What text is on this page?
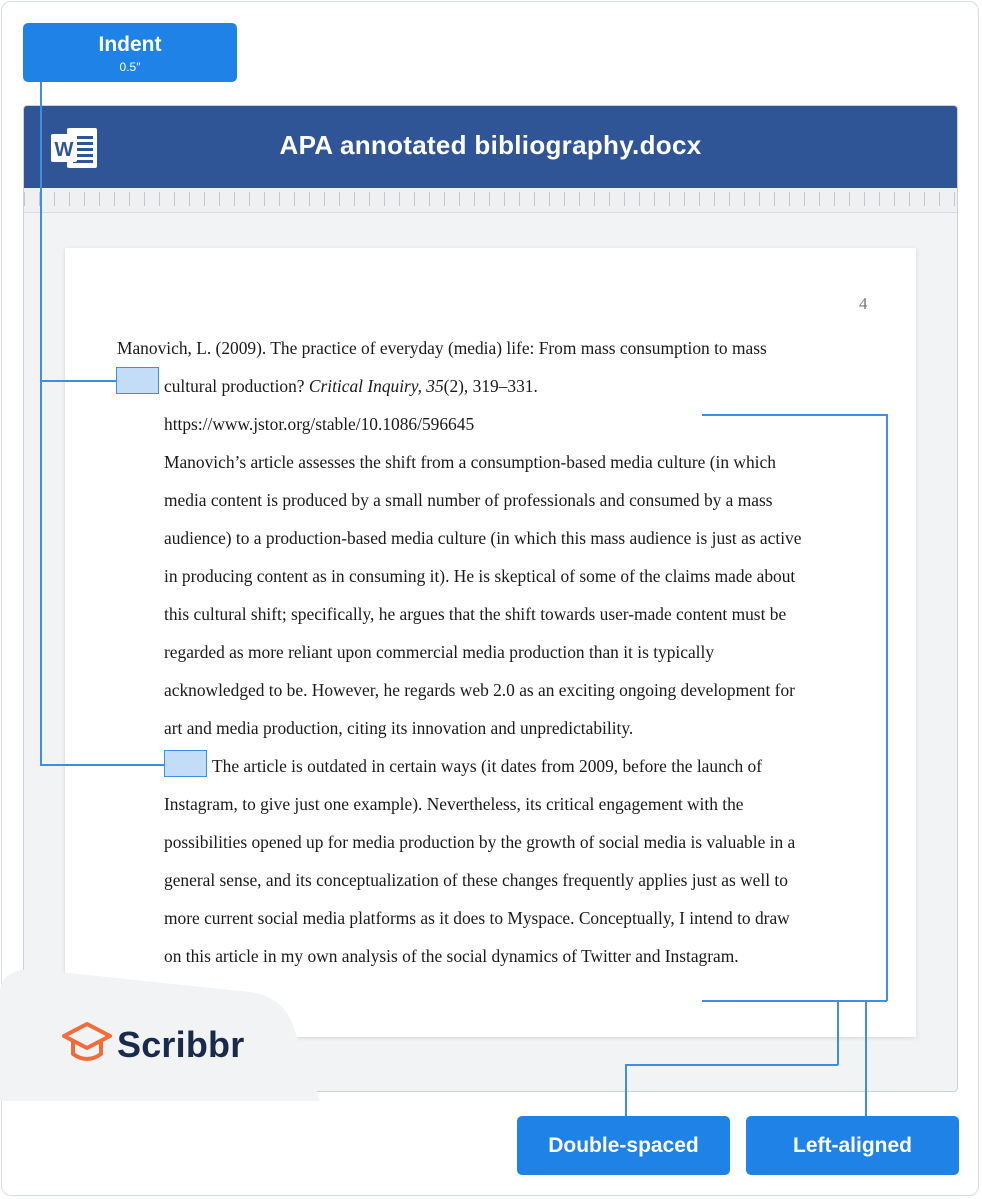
Indent
0.5″
W	APA annotated bibliography.docx
4
Manovich, L. (2009). The practice of everyday (media) life: From mass consumption to mass
cultural production? Critical Inquiry, 35(2), 319–331.
https://www.jstor.org/stable/10.1086/596645
Manovich’s article assesses the shift from a consumption-based media culture (in which
media content is produced by a small number of professionals and consumed by a mass
audience) to a production-based media culture (in which this mass audience is just as active
in producing content as in consuming it). He is skeptical of some of the claims made about
this cultural shift; specifically, he argues that the shift towards user-made content must be
regarded as more reliant upon commercial media production than it is typically
acknowledged to be. However, he regards web 2.0 as an exciting ongoing development for
art and media production, citing its innovation and unpredictability.
The article is outdated in certain ways (it dates from 2009, before the launch of
Instagram, to give just one example). Nevertheless, its critical engagement with the
possibilities opened up for media production by the growth of social media is valuable in a
general sense, and its conceptualization of these changes frequently applies just as well to
more current social media platforms as it does to Myspace. Conceptually, I intend to draw
on this article in my own analysis of the social dynamics of Twitter and Instagram.
Scribbr
Double-spaced	Left-aligned
